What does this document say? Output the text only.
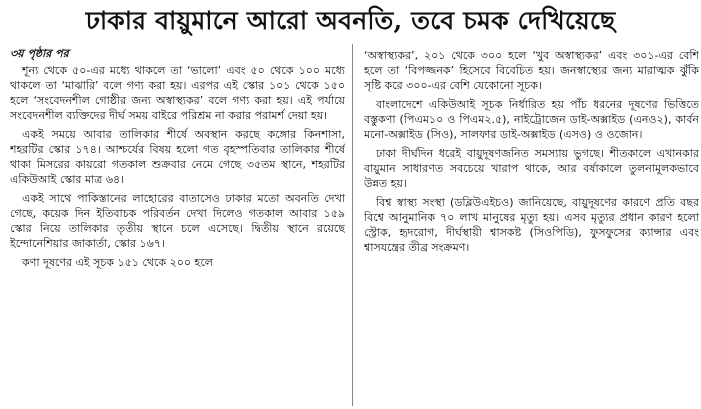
ঢাকার বায়ুমানে আরো অবনতি, তবে চমক দেখিয়েছে
৩য় পৃষ্ঠার পর

শূন্য থেকে ৫০-এর মধ্যে থাকলে তা ‘ভালো’ এবং ৫০ থেকে ১০০ মধ্যে থাকলে তা ‘মাঝারি’ বলে গণ্য করা হয়। এরপর এই স্কোর ১০১ থেকে ১৫০ হলে ‘সংবেদনশীল গোষ্ঠীর জন্য অস্বাস্থ্যকর’ বলে গণ্য করা হয়। এই পর্যায়ে সংবেদনশীল ব্যক্তিদের দীর্ঘ সময় বাইরে পরিশ্রম না করার পরামর্শ দেয়া হয়।

একই সময়ে আবার তালিকার শীর্ষে অবস্থান করছে কঙ্গোর কিনশাসা, শহরটির স্কোর ১৭৪। আশ্চর্যের বিষয় হলো গত বৃহস্পতিবার তালিকার শীর্ষে থাকা মিসরের কায়রো গতকাল শুক্রবার নেমে গেছে ৩৫তম স্থানে, শহরটির একিউআই স্কোর মাত্র ৬৪।

একই সাথে পাকিস্তানের লাহোরের বাতাসেও ঢাকার মতো অবনতি দেখা গেছে, কয়েক দিন ইতিবাচক পরিবর্তন দেখা দিলেও গতকাল আবার ১৫৯ স্কোর নিয়ে তালিকার তৃতীয় স্থানে চলে এসেছে। দ্বিতীয় স্থানে রয়েছে ইন্দোনেশিয়ার জাকার্তা, স্কোর ১৬৭।

কণা দূষণের এই সূচক ১৫১ থেকে ২০০ হলে

‘অস্বাস্থ্যকর’, ২০১ থেকে ৩০০ হলে ‘খুব অস্বাস্থ্যকর’ এবং ৩০১-এর বেশি হলে তা ‘বিপজ্জনক’ হিসেবে বিবেচিত হয়। জনস্বাস্থ্যের জন্য মারাত্মক ঝুঁকি সৃষ্টি করে ৩০০-এর বেশি যেকোনো সূচক।

বাংলাদেশে একিউআই সূচক নির্ধারিত হয় পাঁচ ধরনের দূষণের ভিত্তিতে বস্তুকণা (পিএম১০ ও পিএম২.৫), নাইট্রোজেন ডাই-অক্সাইড (এনও২), কার্বন মনো-অক্সাইড (সিও), সালফার ডাই-অক্সাইড (এসও) ও ওজোন।

ঢাকা দীর্ঘদিন ধরেই বায়ুদূষণজনিত সমস্যায় ভুগছে। শীতকালে এখানকার বায়ুমান সাধারণত সবচেয়ে খারাপ থাকে, আর বর্ষাকালে তুলনামূলকভাবে উন্নত হয়।

বিশ্ব স্বাস্থ্য সংস্থা (ডব্লিউএইচও) জানিয়েছে, বায়ুদূষণের কারণে প্রতি বছর বিশ্বে আনুমানিক ৭০ লাখ মানুষের মৃত্যু হয়। এসব মৃত্যুর প্রধান কারণ হলো স্ট্রোক, হৃদরোগ, দীর্ঘস্থায়ী শ্বাসকষ্ট (সিওপিডি), ফুসফুসের ক্যান্সার এবং শ্বাসযন্ত্রের তীব্র সংক্রমণ।
